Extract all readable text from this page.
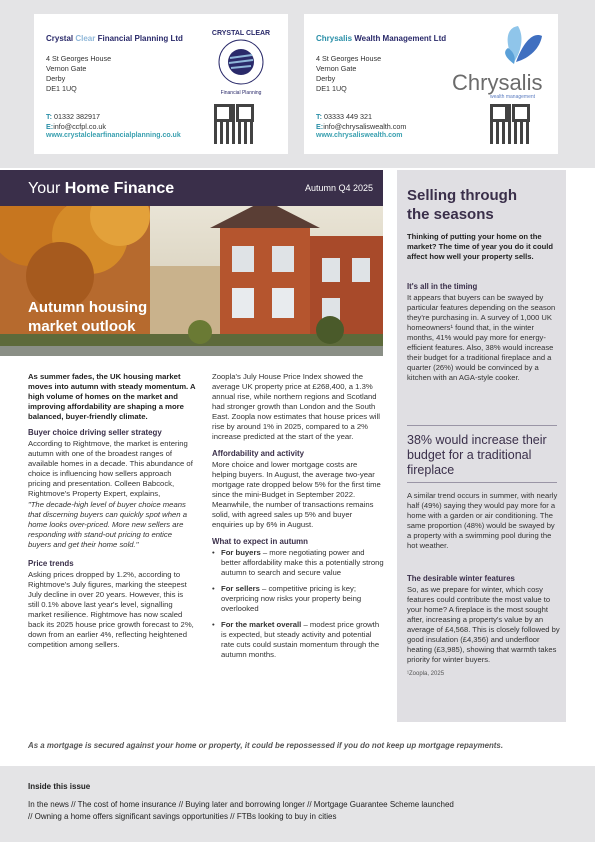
Crystal Clear Financial Planning Ltd
4 St Georges House
Vernon Gate
Derby
DE1 1UQ
T: 01332 382917
E:info@ccfpl.co.uk
www.crystalclearfinancialplanning.co.uk
CRYSTAL CLEAR
Financial Planning
Chrysalis Wealth Management Ltd
4 St Georges House
Vernon Gate
Derby
DE1 1UQ
T: 03333 449 321
E:info@chrysaliswealth.com
www.chrysaliswealth.com
Chrysalis
wealth management
Your Home Finance	Autumn Q4 2025
Autumn housing
market outlook
Selling through
the seasons
Thinking of putting your home on the market? The time of year you do it could affect how well your property sells.
It's all in the timing
It appears that buyers can be swayed by particular features depending on the season they're purchasing in. A survey of 1,000 UK homeowners¹ found that, in the winter months, 41% would pay more for energy-efficient features. Also, 38% would increase their budget for a traditional fireplace and a quarter (26%) would be convinced by a kitchen with an AGA-style cooker.
38% would increase their budget for a traditional fireplace
A similar trend occurs in summer, with nearly half (49%) saying they would pay more for a home with a garden or air conditioning. The same proportion (48%) would be swayed by a property with a swimming pool during the hot weather.
The desirable winter features
So, as we prepare for winter, which cosy features could contribute the most value to your home? A fireplace is the most sought after, increasing a property's value by an average of £4,568. This is closely followed by good insulation (£4,356) and underfloor heating (£3,985), showing that warmth takes priority for winter buyers.
¹Zoopla, 2025
As summer fades, the UK housing market moves into autumn with steady momentum. A high volume of homes on the market and improving affordability are shaping a more balanced, buyer-friendly climate.
Buyer choice driving seller strategy
According to Rightmove, the market is entering autumn with one of the broadest ranges of available homes in a decade. This abundance of choice is influencing how sellers approach pricing and presentation. Colleen Babcock, Rightmove's Property Expert, explains,
"The decade-high level of buyer choice means that discerning buyers can quickly spot when a home looks over-priced. More new sellers are responding with stand-out pricing to entice buyers and get their home sold."
Price trends
Asking prices dropped by 1.2%, according to Rightmove's July figures, marking the steepest July decline in over 20 years. However, this is still 0.1% above last year's level, signalling market resilience. Rightmove has now scaled back its 2025 house price growth forecast to 2%, down from an earlier 4%, reflecting heightened competition among sellers.
Zoopla's July House Price Index showed the average UK property price at £268,400, a 1.3% annual rise, while northern regions and Scotland had stronger growth than London and the South East. Zoopla now estimates that house prices will rise by around 1% in 2025, compared to a 2% increase predicted at the start of the year.
Affordability and activity
More choice and lower mortgage costs are helping buyers. In August, the average two-year mortgage rate dropped below 5% for the first time since the mini-Budget in September 2022. Meanwhile, the number of transactions remains solid, with agreed sales up 5% and buyer enquiries up by 6% in August.
What to expect in autumn
• For buyers – more negotiating power and better affordability make this a potentially strong autumn to search and secure value
• For sellers – competitive pricing is key; overpricing now risks your property being overlooked
• For the market overall – modest price growth is expected, but steady activity and potential rate cuts could sustain momentum through the autumn months.
As a mortgage is secured against your home or property, it could be repossessed if you do not keep up mortgage repayments.
Inside this issue
In the news // The cost of home insurance // Buying later and borrowing longer // Mortgage Guarantee Scheme launched
// Owning a home offers significant savings opportunities // FTBs looking to buy in cities
